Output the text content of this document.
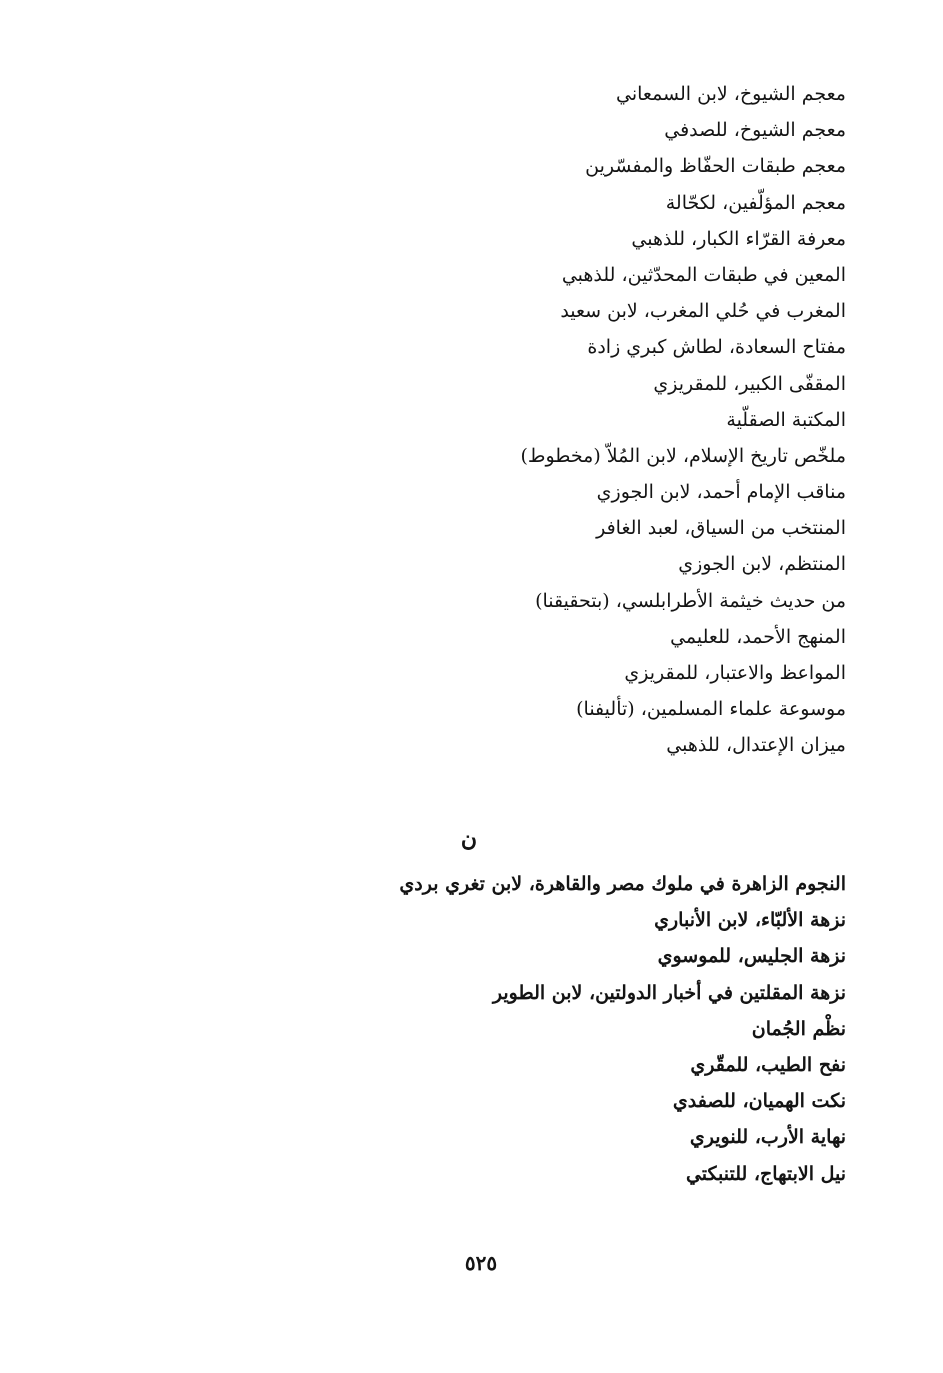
معجم الشيوخ، لابن السمعاني
معجم الشيوخ، للصدفي
معجم طبقات الحفّاظ والمفسّرين
معجم المؤلّفين، لكحّالة
معرفة القرّاء الكبار، للذهبي
المعين في طبقات المحدّثين، للذهبي
المغرب في حُلي المغرب، لابن سعيد
مفتاح السعادة، لطاش كبري زادة
المقفّى الكبير، للمقريزي
المكتبة الصقلّية
ملخّص تاريخ الإسلام، لابن المُلاّ (مخطوط)
مناقب الإمام أحمد، لابن الجوزي
المنتخب من السياق، لعبد الغافر
المنتظم، لابن الجوزي
من حديث خيثمة الأطرابلسي، (بتحقيقنا)
المنهج الأحمد، للعليمي
المواعظ والاعتبار، للمقريزي
موسوعة علماء المسلمين، (تأليفنا)
ميزان الإعتدال، للذهبي
ن
النجوم الزاهرة في ملوك مصر والقاهرة، لابن تغري بردي
نزهة الألبّاء، لابن الأنباري
نزهة الجليس، للموسوي
نزهة المقلتين في أخبار الدولتين، لابن الطوير
نظْم الجُمان
نفح الطيب، للمقّري
نكت الهميان، للصفدي
نهاية الأرب، للنويري
نيل الابتهاج، للتنبكتي
٥٢٥
